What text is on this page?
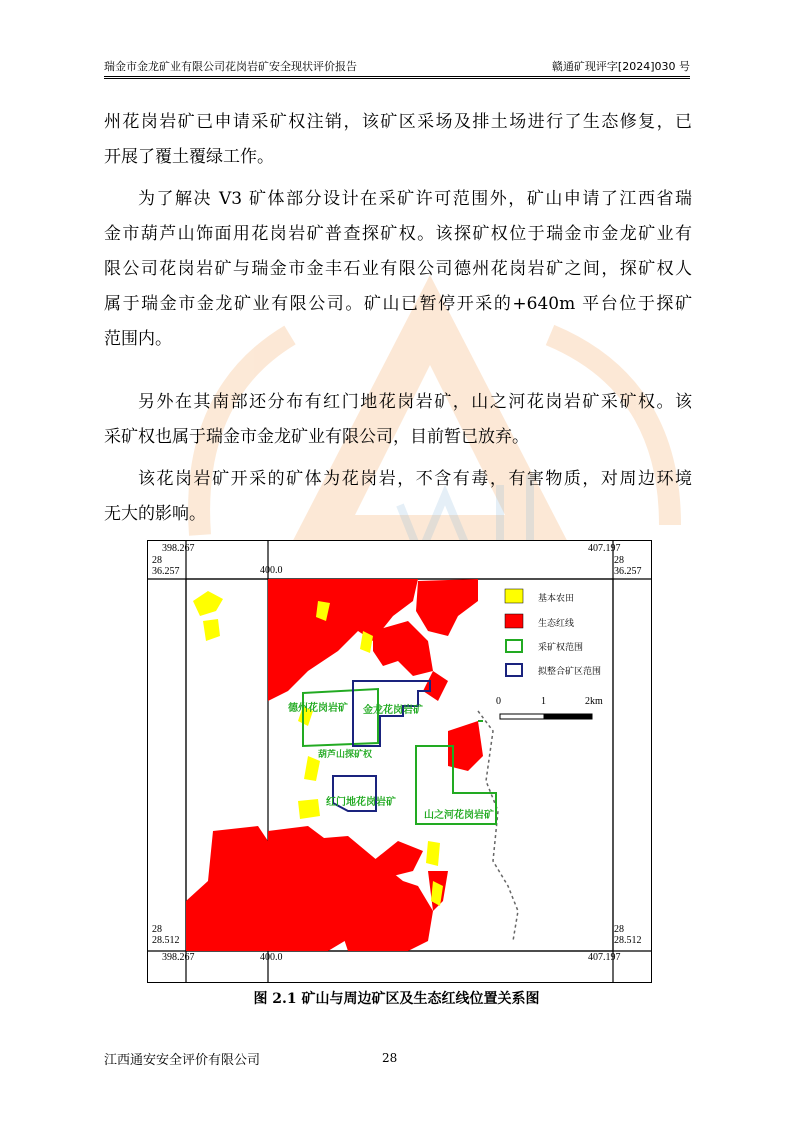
瑞金市金龙矿业有限公司花岗岩矿安全现状评价报告	赣通矿现评字[2024]030 号
州花岗岩矿已申请采矿权注销，该矿区采场及排土场进行了生态修复，已
开展了覆土覆绿工作。
为了解决 V3 矿体部分设计在采矿许可范围外，矿山申请了江西省瑞
金市葫芦山饰面用花岗岩矿普查探矿权。该探矿权位于瑞金市金龙矿业有
限公司花岗岩矿与瑞金市金丰石业有限公司德州花岗岩矿之间，探矿权人
属于瑞金市金龙矿业有限公司。矿山已暂停开采的+640m 平台位于探矿
范围内。
另外在其南部还分布有红门地花岗岩矿，山之河花岗岩矿采矿权。该
采矿权也属于瑞金市金龙矿业有限公司，目前暂已放弃。
该花岗岩矿开采的矿体为花岗岩，不含有毒，有害物质，对周边环境
无大的影响。
398.267	407.197
400.0
28
36.257
28
36.257
28
28.512
28
28.512
398.267	400.0	407.197
基本农田
生态红线
采矿权范围
拟整合矿区范围
0	1	2km
德州花岗岩矿 金龙花岗岩矿
葫芦山探矿权
红门地花岗岩矿
山之河花岗岩矿
图 2.1 矿山与周边矿区及生态红线位置关系图
江西通安安全评价有限公司	28
